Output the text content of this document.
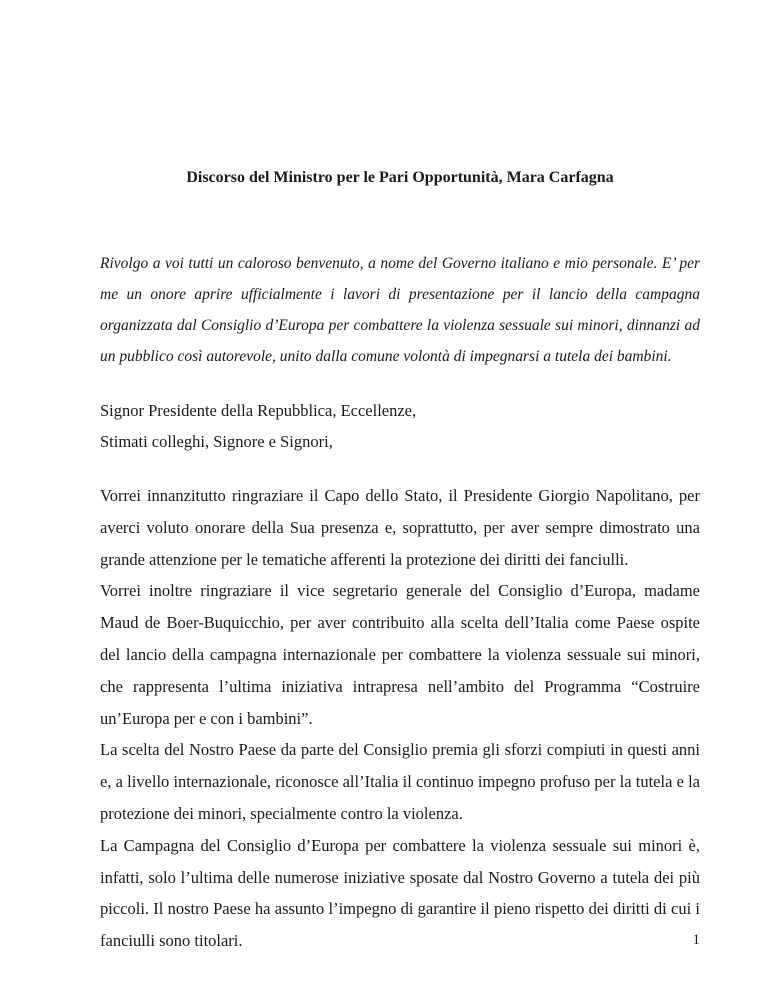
Discorso del Ministro per le Pari Opportunità, Mara Carfagna

Rivolgo a voi tutti un caloroso benvenuto, a nome del Governo italiano e mio personale. E’ per me un onore aprire ufficialmente i lavori di presentazione per il lancio della campagna organizzata dal Consiglio d’Europa per combattere la violenza sessuale sui minori, dinnanzi ad un pubblico così autorevole, unito dalla comune volontà di impegnarsi a tutela dei bambini.

Signor Presidente della Repubblica, Eccellenze,
Stimati colleghi, Signore e Signori,

Vorrei innanzitutto ringraziare il Capo dello Stato, il Presidente Giorgio Napolitano, per averci voluto onorare della Sua presenza e, soprattutto, per aver sempre dimostrato una grande attenzione per le tematiche afferenti la protezione dei diritti dei fanciulli.

Vorrei inoltre ringraziare il vice segretario generale del Consiglio d’Europa, madame Maud de Boer-Buquicchio, per aver contribuito alla scelta dell’Italia come Paese ospite del lancio della campagna internazionale per combattere la violenza sessuale sui minori, che rappresenta l’ultima iniziativa intrapresa nell’ambito del Programma “Costruire un’Europa per e con i bambini”.

La scelta del Nostro Paese da parte del Consiglio premia gli sforzi compiuti in questi anni e, a livello internazionale, riconosce all’Italia il continuo impegno profuso per la tutela e la protezione dei minori, specialmente contro la violenza.

La Campagna del Consiglio d’Europa per combattere la violenza sessuale sui minori è, infatti, solo l’ultima delle numerose iniziative sposate dal Nostro Governo a tutela dei più piccoli. Il nostro Paese ha assunto l’impegno di garantire il pieno rispetto dei diritti di cui i fanciulli sono titolari.	1
